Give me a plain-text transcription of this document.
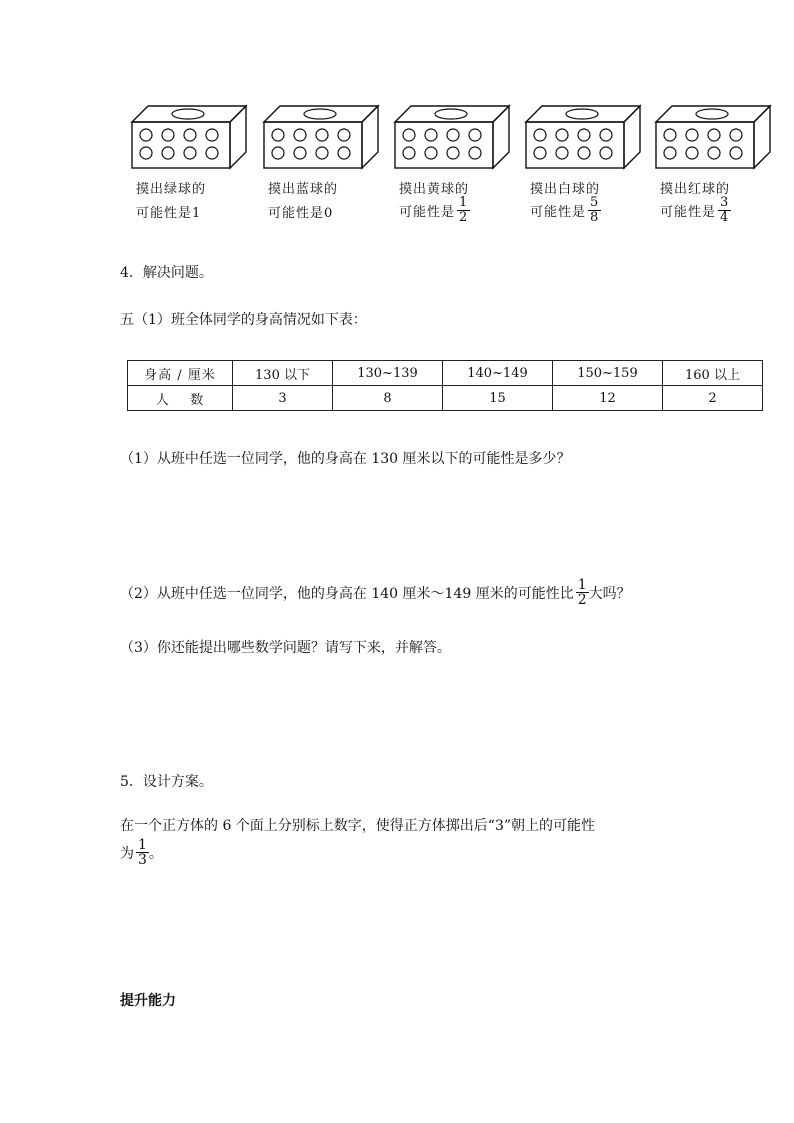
摸出绿球的
可能性是1
摸出蓝球的
可能性是0
摸出黄球的
可能性是 $\frac{1}{2}$
摸出白球的
可能性是 $\frac{5}{8}$
摸出红球的
可能性是 $\frac{3}{4}$
4．解决问题。
五（1）班全体同学的身高情况如下表：
身高 / 厘米	130 以下	130~139	140~149	150~159	160 以上
人    数	3	8	15	12	2
（1）从班中任选一位同学，他的身高在 130 厘米以下的可能性是多少？
（2）从班中任选一位同学，他的身高在 140 厘米～149 厘米的可能性比 $\frac{1}{2}$ 大吗？
（3）你还能提出哪些数学问题？请写下来，并解答。
5．设计方案。
在一个正方体的 6 个面上分别标上数字，使得正方体掷出后“3”朝上的可能性
为 $\frac{1}{3}$ 。
提升能力
